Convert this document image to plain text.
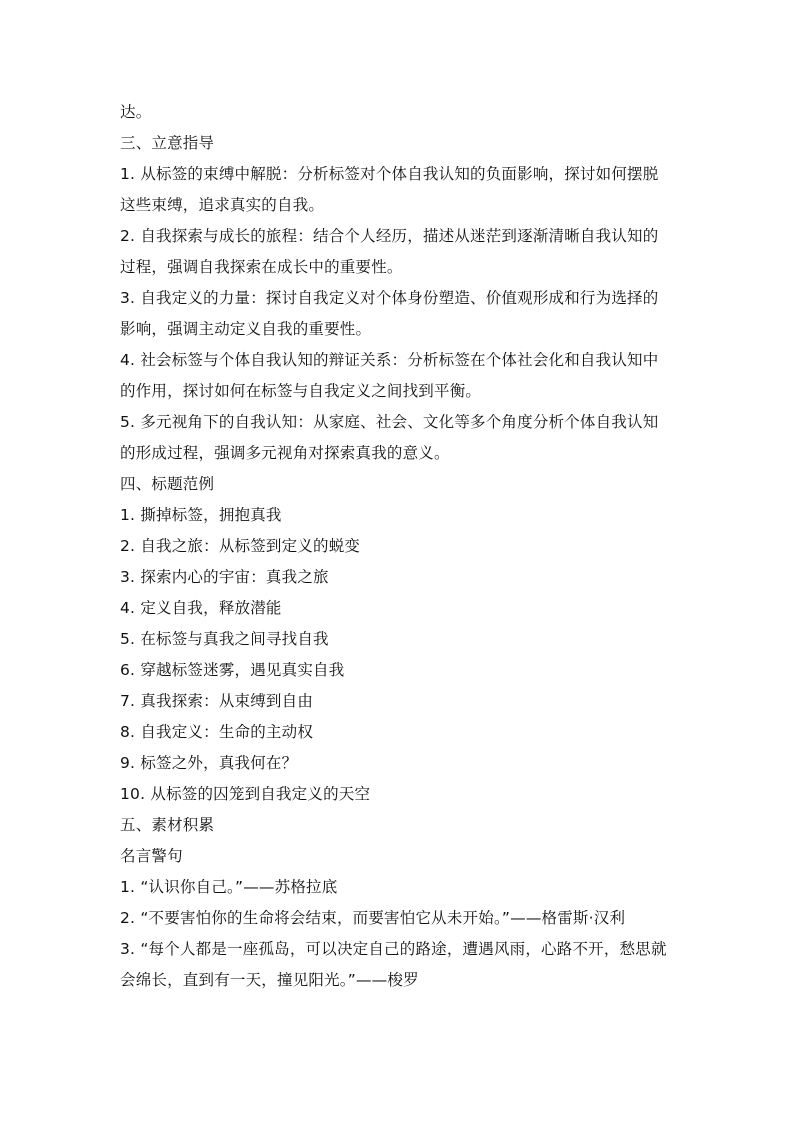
达。
三、立意指导
1. 从标签的束缚中解脱：分析标签对个体自我认知的负面影响，探讨如何摆脱
这些束缚，追求真实的自我。
2. 自我探索与成长的旅程：结合个人经历，描述从迷茫到逐渐清晰自我认知的
过程，强调自我探索在成长中的重要性。
3. 自我定义的力量：探讨自我定义对个体身份塑造、价值观形成和行为选择的
影响，强调主动定义自我的重要性。
4. 社会标签与个体自我认知的辩证关系：分析标签在个体社会化和自我认知中
的作用，探讨如何在标签与自我定义之间找到平衡。
5. 多元视角下的自我认知：从家庭、社会、文化等多个角度分析个体自我认知
的形成过程，强调多元视角对探索真我的意义。
四、标题范例
1. 撕掉标签，拥抱真我
2. 自我之旅：从标签到定义的蜕变
3. 探索内心的宇宙：真我之旅
4. 定义自我，释放潜能
5. 在标签与真我之间寻找自我
6. 穿越标签迷雾，遇见真实自我
7. 真我探索：从束缚到自由
8. 自我定义：生命的主动权
9. 标签之外，真我何在？
10. 从标签的囚笼到自我定义的天空
五、素材积累
名言警句
1. “认识你自己。”——苏格拉底
2. “不要害怕你的生命将会结束，而要害怕它从未开始。”——格雷斯·汉利
3. “每个人都是一座孤岛，可以决定自己的路途，遭遇风雨，心路不开，愁思就
会绵长，直到有一天，撞见阳光。”——梭罗
